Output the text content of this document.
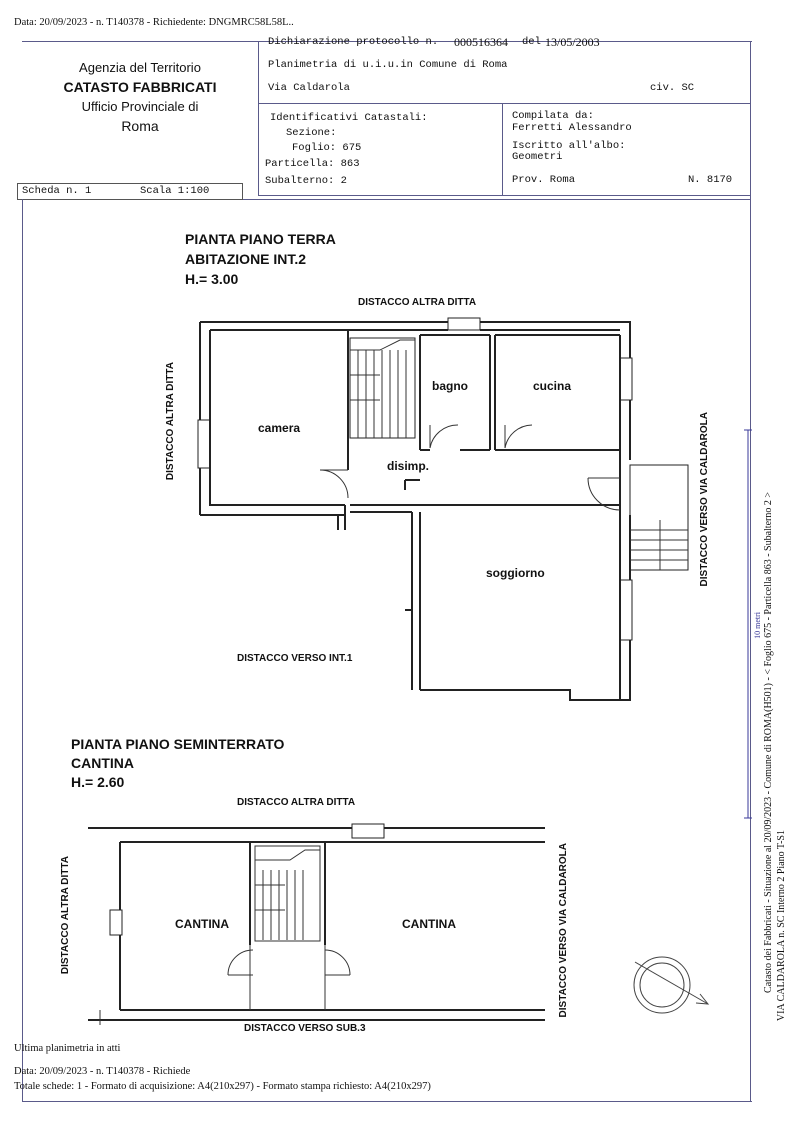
Data: 20/09/2023 - n. T140378 - Richiedente: DNGMRC58L58L..
Agenzia del Territorio
CATASTO FABBRICATI
Ufficio Provinciale di
Roma
Dichiarazione protocollo n. 000516364 del 13/05/2003
Planimetria di u.i.u.in Comune di Roma
Via Caldarola	civ. SC
Identificativi Catastali:
Sezione:
Foglio: 675
Particella: 863
Subalterno: 2
Compilata da:
Ferretti Alessandro
Iscritto all'albo:
Geometri
Prov. Roma	N. 8170
Scheda n. 1	Scala 1:100
PIANTA PIANO TERRA
ABITAZIONE INT.2
H.= 3.00
DISTACCO ALTRA DITTA
DISTACCO ALTRA DITTA	DISTACCO VERSO VIA CALDAROLA
DISTACCO VERSO INT.1
camera
bagno	cucina
disimp.
soggiorno
PIANTA PIANO SEMINTERRATO
CANTINA
H.= 2.60
DISTACCO ALTRA DITTA
DISTACCO ALTRA DITTA	DISTACCO VERSO VIA CALDAROLA
DISTACCO VERSO SUB.3
CANTINA	CANTINA	Catasto dei Fabbricati - Situazione al 20/09/2023 - Comune di ROMA(H501) - < Foglio 675 - Particella 863 - Subalterno 2 > VIA CALDAROLA n. SC Interno 2 Piano T-S1
10 metri
Ultima planimetria in atti
Data: 20/09/2023 - n. T140378 - Richiede
Totale schede: 1 - Formato di acquisizione: A4(210x297) - Formato stampa richiesto: A4(210x297)
